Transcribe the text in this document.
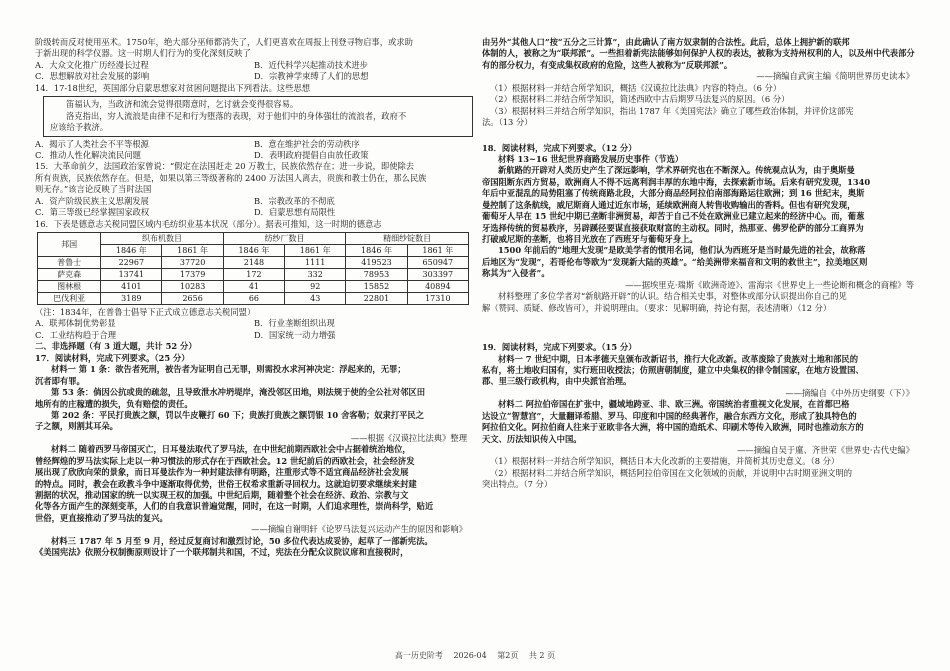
阶级转而反对使用巫术。1750年，绝大部分巫师都消失了，人们更喜欢在周报上刊登寻物启事，或求助
于新出现的科学仪器。这一时期人们行为的变化深刻反映了
A．大众文化推广历经漫长过程	B．近代科学兴起推动技术进步
C．思想解放对社会发展的影响	D．宗教神学束缚了人们的思想
14．17-18世纪，英国部分启蒙思想家对贫困问题提出下列看法。这些思想
笛福认为，当政济和流会觉得很隋意时，乞讨就会变得很容易。
洛克指出，穷人流浪是由律不足和行为堕落的表现，对于他们中的身体强壮的流浪者，政府不
应该给予救济。
A．揭示了人类社会不平等根源	B．意在维护社会的劳动秩序
C．推动人性化解决流民问题	D．表明政府提倡自由放任政策
15．大革命前夕，法国政治家曾说：“假定在法国赶走 20 万教士，民族依然存在；进一步说，即使除去
所有贵族，民族依然存在。但是，如果以第三等级著称的 2400 万法国人离去，贵族和教士仍在，那么民族
则无存。”该言论反映了当时法国
A．资产阶级民族主义思潮发展	B．宗教改革的不彻底
C．第三等级已经掌握国家政权	D．启蒙思想有局限性
16．下表是德意志关税同盟区域内毛纺织业基本状况（部分）。据表可推知，这一时期的德意志
邦国	织布机数目		纺纱厂数目		精细纱锭数目	
	1846 年	1861 年	1846 年	1861 年	1846 年	1861 年
普鲁士	22967	37720	2148	1111	419523	650947
萨克森	13741	17379	172	332	78953	303397
图林根	4101	10283	41	92	15852	40894
巴伐利亚	3189	2656	66	43	22801	17310
（注：1834年，在普鲁士倡导下正式成立德意志关税同盟）
A．联邦体制优势彰显	B．行业垄断组织出现
C．工业结构趋于合理	D．国家统一动力增强
二、非选择题（有 3 道大题，共计 52 分）
17．阅读材料，完成下列要求。（25 分）
材料一 第 1 条：欲告者死刑，被告者为证明自己无罪，则需投水求河神决定：浮起来的，无罪；
沉者即有罪。
第 53 条：倘因公抗或贵的疏忽，且导致泄水冲坍堤岸，淹没邻区田地，则法规于使的全公社对邻区田
地所有的庄稼遭的损失，负有赔偿的责任。
第 202 条：平民打贵族之额，罚以牛皮鞭打 60 下；贵族打贵族之额罚银 10 舍客勒；奴隶打平民之
子之额，则割其耳朵。
——根据《汉谟拉比法典》整理
材料二 随着西罗马帝国灭亡，日耳曼法取代了罗马法，在中世纪前期西欧社会中占据着统治地位，
曾经辉煌的罗马法实际上走以一种习惯法的形式存在于西欧社会。12 世纪前后的西欧社会，社会经济发
展出现了欣欣向荣的景象，而日耳曼法作为一种封建法律有明路，注重形式等不适宜商品经济社会发展
的特点。同时，教会在政教斗争中逐渐取得优势，世俗王权希求重新寻回权力。这就迫切要求继续来封建
割据的状况，推动国家的统一以实现王权的加强。中世纪后期，随着整个社会在经济、政治、宗教与文
化等各方面产生的深刻变革，人们的自我意识普遍觉醒，同时，在这一时期，人们追求理性，崇尚科学，贴近
世俗，更直接推动了罗马法的复兴。
——摘编自谢明轩《论罗马法复兴运动产生的原因和影响》
材料三 1787 年 5 月至 9 月，经过反复商讨和激烈讨论，50 多位代表达成妥协，起草了一部新宪法。
《美国宪法》依照分权制衡原则设计了一个联邦制共和国，不过，宪法在分配众议院议席和直接税时，
由另外“其他人口”按“五分之三计算”，由此确认了南方奴隶制的合法性。此后，总体上拥护新的联邦
体制的人，被称之为“联邦派”。一些担着新宪法能够如何保护人权的表达，被称为支持州权利的人，以及州中代表部分
有的部分权力，有变成集权政府的危险，这些人被称为“反联邦派”。
——摘编自武寅主编《简明世界历史读本》
（1）根据材料一并结合所学知识，概括《汉谟拉比法典》内容的特点。（6 分）
（2）根据材料二并结合所学知识，简述西欧中古后期罗马法复兴的原因。（6 分）
（3）根据材料三并结合所学知识，指出 1787 年《美国宪法》确立了哪些政治体制，并评价这部宪
法。（13 分）
18．阅读材料，完成下列要求。（12 分）
材料 13~16 世纪世界商路发展历史事件（节选）
新航路的开辟对人类历史产生了深远影响，学术界研究也在不断深入。传统观点认为，由于奥斯曼
帝国阻断东西方贸易，欧洲商人不得不远离利润丰厚的东地中海，去探索新市场。后来有研究发现，1340
年后中亚混乱的局势阻塞了传统商路北段，大部分商品经阿拉伯南部海路运往欧洲；到 16 世纪末，奥斯
曼控制了这条航线，威尼斯商人通过近东市场，延续欧洲商人转售收购输出的香料。但也有研究发现，
葡萄牙人早在 15 世纪中期已垄断非洲贸易，却苦于自己不处在欧洲业已建立起来的经济中心。而，葡葱
牙选择传统的贸易秩序，另辟蹊径要谋直接获取财富的主动权。同时，热那亚、佛罗伦萨的部分工商界为
打破威尼斯的垄断，也将目光放在了西班牙与葡萄牙身上。
1500 年前后的“地理大发现”是欧美学者的惯用名词，他们认为西班牙是当时最先进的社会，故称落
后地区为“发现”，若哥伦布等欧为“发现新大陆的英雄”。“给美洲带来福音和文明的救世主”，拉美地区则
称其为“入侵者”。
——据埃里克·瑞斯《欧洲奇迹》、雷海宗《世界史上一些论断和概念的商榷》等
材料整理了多位学者对“新航路开辟”的认识。结合相关史事，对整体或部分认识提出你自己的见
解（赞同、质疑、修改皆可），并说明理由。（要求：见解明确，持论有据，表述清晰）（12 分）
19．阅读材料，完成下列要求。（15 分）
材料一 7 世纪中期，日本孝德天皇颁布改新诏书，推行大化改新。改革废除了贵族对土地和部民的
私有，将土地收归国有，实行班田收授法；仿照唐朝制度，建立中央集权的律令制国家，在地方设置国、
郡、里三级行政机构，由中央派官治理。
——摘编自《中外历史纲要（下）》
材料二 阿拉伯帝国在扩张中，疆域地跨亚、非、欧三洲。帝国统治者重视文化发展，在首都巴格
达设立“智慧宫”，大量翻译希腊、罗马、印度和中国的经典著作，融合东西方文化，形成了独具特色的
阿拉伯文化。阿拉伯商人往来于亚欧非各大洲，将中国的造纸术、印刷术等传入欧洲，同时也推动东方的
天文、历法知识传入中国。
——摘编自吴于廑、齐世荣《世界史·古代史编》
（1）根据材料一并结合所学知识，概括日本大化改新的主要措施，并简析其历史意义。（8 分）
（2）根据材料二并结合所学知识，概括阿拉伯帝国在文化领域的贡献，并说明中古时期亚洲文明的
突出特点。（7 分）
高一历史阶考 2026-04 第2页 共 2 页
